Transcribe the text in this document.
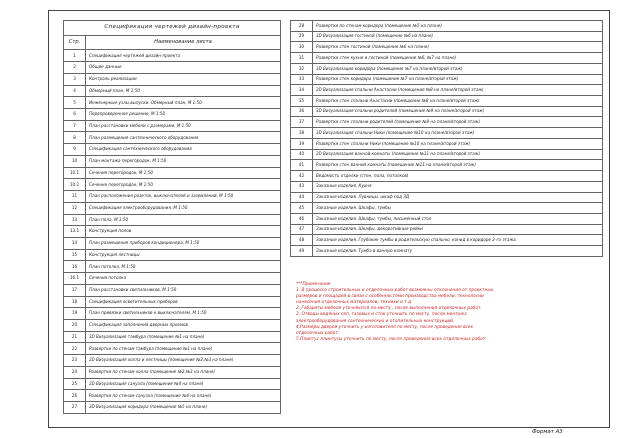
Спецификация чертежей дизайн-проекта	
Стр.	Наименование листа
1	Спецификация чертежей дизайн-проекта
2	Общие данные
3	Контроль реализации
4	Обмерный план, М 1:50
5	Инженерные узлы,выпуски. Обмерный план, М 1:50
6	Перепроверенное решение, М 1:50
7	План расстановки мебели с размерами, М 1:50
8	План размещения сантехнического оборудования
9	Спецификация сантехнического оборудования
10	План монтажа перегородок, М 1:50
10.1	Сечения перегородок, М 1:50
10.2	Сечения перегородок, М 1:50
11	План расположения розеток, выключателей и заземлений, М 1:50
12	Спецификация электрооборудования, М 1:50
13	План пола, М 1:50
13.1	Конструкция полов
14	План размещения приборов кондиционера, М 1:50
15	Конструкция лестницы
16	План потолка, М 1:50
16.1	Сечения потолка
17	План расстановки светильников, М 1:50
18	Спецификация осветительных приборов
19	План привязки светильников к выключателям, М 1:50
20	Спецификация заполнения дверных проемов
21	3D Визуализация тамбура (помещение №1 на плане)
22	Развертки по стенам тамбура (помещение №1 на плане)
23	3D Визуализация холла и лестницы (помещение №2,№3 на плане)
24	Развертки по стенам холла (помещение №2,№3 на плане)
25	3D Визуализация санузла (помещение №4 на плане)
26	Развертки по стенам санузла (помещение №4 на плане)
27	3D Визуализация коридора (помещение №5 на плане)
28	Развертки по стенам коридора (помещение №5 на плане)
29	3D Визуализация гостиной (помещение №6 на плане)
30	Развертки стен гостиной (помещение №6 на плане)
31	Развертки стен кухни и гостиной (помещение №6, №7 на плане)
32	3D Визуализация коридора (помещение №7 на плане/второй этаж)
33	Развертки стен коридора (помещение №7 на плане/второй этаж)
34	3D Визуализация спальни Анастасии (помещение №8 на плане/второй этаж)
35	Развертки стен спальни Анастасии (помещение №8 на плане/второй этаж)
36	3D Визуализация спальни родителей (помещение №9 на плане/второй этаж)
37	Развертки стен спальни родителей (помещение №9 на плане/второй этаж)
38	3D Визуализация спальни Ники (помещение №10 на плане/второй этаж)
39	Развертки стен спальни Ники (помещение №10 на плане/второй этаж)
40	3D Визуализация ванной комнаты (помещение №11 на плане/второй этаж)
41	Развертки стен ванной комнаты (помещение №11 на плане/второй этаж)
42	Ведомость отделки (стен, пола, потолков)
43	Заказные изделия. Кухня.
44	Заказные изделия. Лувницы, шкаф под ЗД
45	Заказные изделия. Шкафы, тумбы
46	Заказные изделия. Шкафы, тумбы, письменный стол
47	Заказные изделия. Шкафы, декоративные рейки
48	Заказные изделия. Глубокие тумбы в родительскую спальню, конид в коридоре 2-го этажа.
49	Заказные изделия. Тумба в ванную комнату
***Примечание
1. В процессе строительных и отделочных работ возможны отклонения от проектных
размеров и площадей в связи с особенностями производства мебели, технологии
нанесения отделочных материалов, техники и т.д.
2. Габариты мебели уточняются по месту , после выполнения отделочных работ.
3. Отводы водяных сеп, газовых и сток уточнить по месту, после монтажа
электрооборудования сантехнических и отопительных конструкций.
4.Размеры дверей уточнить у изготовителя по месту, после проведения всех
отделочных работ.
5.Плинтус плинтусы уточнить по месту, после проведения всех отделочных работ.
Формат А3
